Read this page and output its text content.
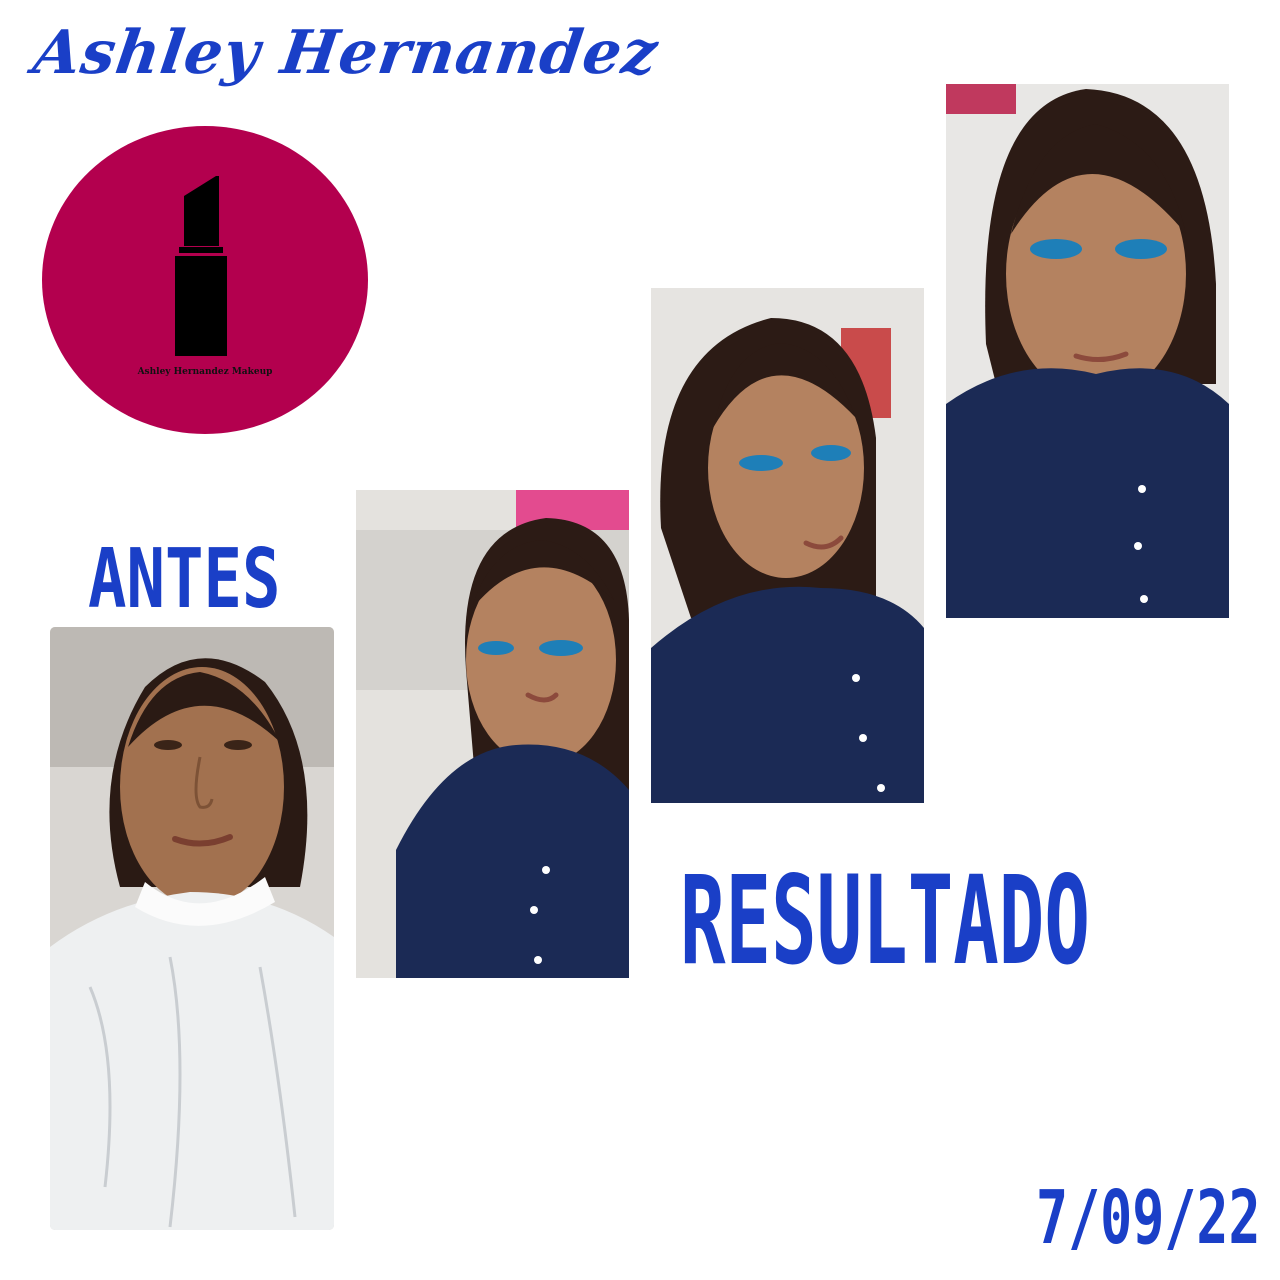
Ashley Hernandez
Ashley Hernandez Makeup
ANTES
RESULTADO
7/09/22
